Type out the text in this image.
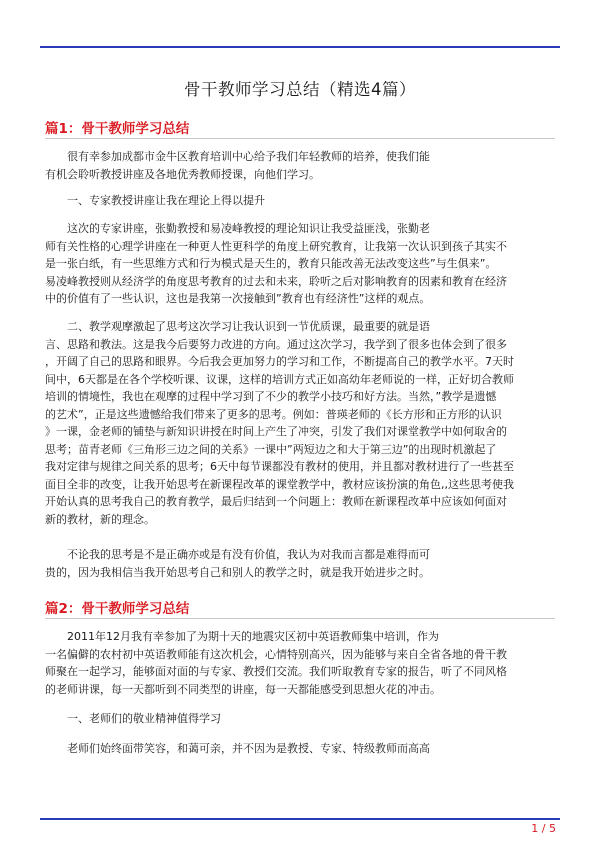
骨干教师学习总结（精选4篇）
篇1：骨干教师学习总结
很有幸参加成都市金牛区教育培训中心给予我们年轻教师的培养，使我们能
有机会聆听教授讲座及各地优秀教师授课，向他们学习。
一、专家教授讲座让我在理论上得以提升
这次的专家讲座，张勤教授和易凌峰教授的理论知识让我受益匪浅，张勤老
师有关性格的心理学讲座在一种更人性更科学的角度上研究教育，让我第一次认识到孩子其实不
是一张白纸，有一些思维方式和行为模式是天生的，教育只能改善无法改变这些”与生俱来”。
易凌峰教授则从经济学的角度思考教育的过去和未来，聆听之后对影响教育的因素和教育在经济
中的价值有了一些认识，这也是我第一次接触到”教育也有经济性”这样的观点。
二、教学观摩激起了思考这次学习让我认识到一节优质课，最重要的就是语
言、思路和教法。这是我今后要努力改进的方向。通过这次学习，我学到了很多也体会到了很多
，开阔了自己的思路和眼界。今后我会更加努力的学习和工作，不断提高自己的教学水平。7天时
间中，6天都是在各个学校听课、议课，这样的培训方式正如高幼年老师说的一样，正好切合教师
培训的情境性，我也在观摩的过程中学习到了不少的教学小技巧和好方法。当然，”教学是遗憾
的艺术”，正是这些遗憾给我们带来了更多的思考。例如：普瑛老师的《长方形和正方形的认识
》一课，金老师的铺垫与新知识讲授在时间上产生了冲突，引发了我们对课堂教学中如何取舍的
思考；苗青老师《三角形三边之间的关系》一课中”两短边之和大于第三边”的出现时机激起了
我对定律与规律之间关系的思考；6天中每节课都没有教材的使用，并且都对教材进行了一些甚至
面目全非的改变，让我开始思考在新课程改革的课堂教学中，教材应该扮演的角色,,这些思考使我
开始认真的思考我自己的教育教学，最后归结到一个问题上：教师在新课程改革中应该如何面对
新的教材，新的理念。
不论我的思考是不是正确亦或是有没有价值，我认为对我而言都是难得而可
贵的，因为我相信当我开始思考自己和别人的教学之时，就是我开始进步之时。
篇2：骨干教师学习总结
2011年12月我有幸参加了为期十天的地震灾区初中英语教师集中培训，作为
一名偏僻的农村初中英语教师能有这次机会，心情特别高兴，因为能够与来自全省各地的骨干教
师聚在一起学习，能够面对面的与专家、教授们交流。我们听取教育专家的报告，听了不同风格
的老师讲课，每一天都听到不同类型的讲座，每一天都能感受到思想火花的冲击。
一、老师们的敬业精神值得学习
老师们始终面带笑容，和蔼可亲，并不因为是教授、专家、特级教师而高高
1 / 5
